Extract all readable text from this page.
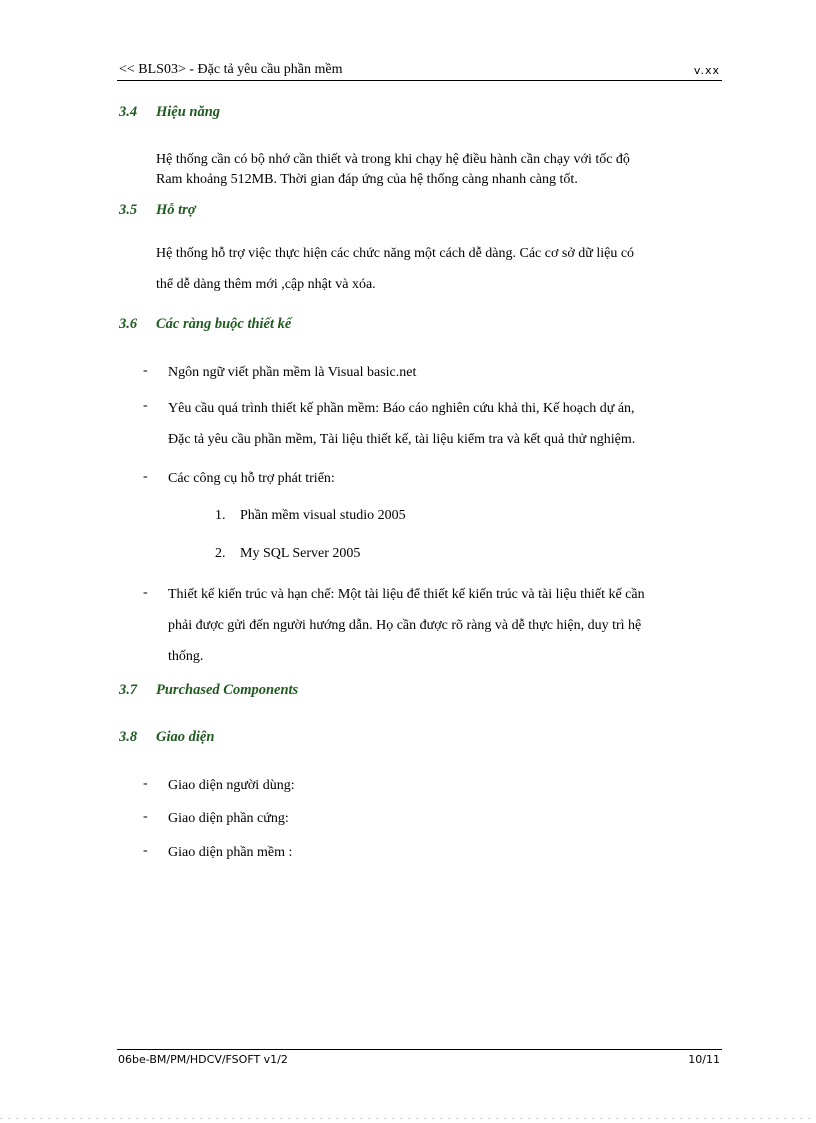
<< BLS03> - Đặc tả yêu cầu phần mềm	v.xx
3.4 Hiệu năng
Hệ thống cần có bộ nhớ cần thiết và trong khi chạy hệ điều hành cần chạy với tốc độ
Ram khoảng 512MB. Thời gian đáp ứng của hệ thống càng nhanh càng tốt.
3.5 Hỗ trợ
Hệ thống hỗ trợ việc thực hiện các chức năng một cách dễ dàng. Các cơ sở dữ liệu có
thể dễ dàng thêm mới ,cập nhật và xóa.
3.6 Các ràng buộc thiết kế
- Ngôn ngữ viết phần mềm là Visual basic.net
- Yêu cầu quá trình thiết kế phần mềm: Báo cáo nghiên cứu khả thi, Kế hoạch dự án,
Đặc tả yêu cầu phần mềm, Tài liệu thiết kế, tài liệu kiểm tra và kết quả thử nghiệm.
- Các công cụ hỗ trợ phát triển:
1. Phần mềm visual studio 2005
2. My SQL Server 2005
- Thiết kế kiến trúc và hạn chế: Một tài liệu để thiết kế kiến trúc và tài liệu thiết kế cần
phải được gửi đến người hướng dẫn. Họ cần được rõ ràng và dễ thực hiện, duy trì hệ
thống.
3.7 Purchased Components
3.8 Giao diện
- Giao diện người dùng:
- Giao diện phần cứng:
- Giao diện phần mềm :
06be-BM/PM/HDCV/FSOFT v1/2	10/11
